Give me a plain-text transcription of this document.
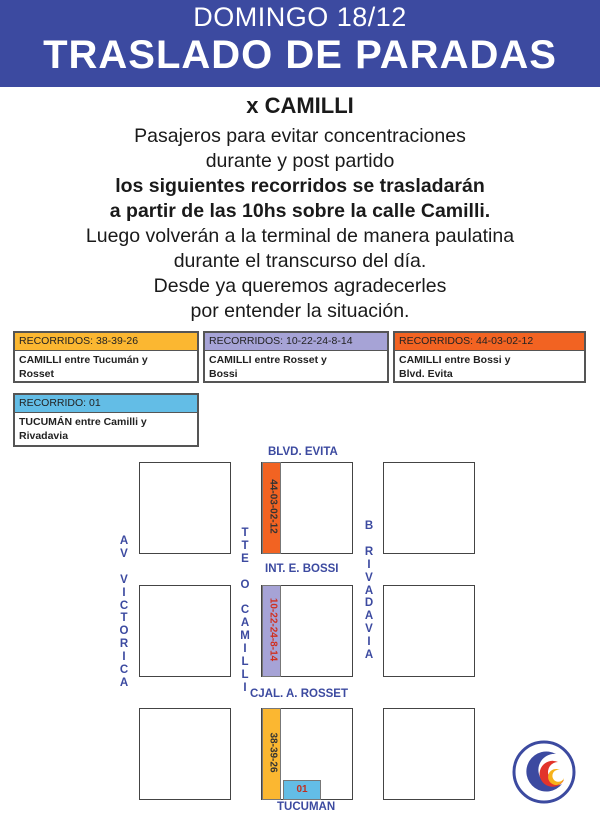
DOMINGO 18/12
TRASLADO DE PARADAS
x CAMILLI
Pasajeros para evitar concentraciones
durante y post partido
los siguientes recorridos se trasladarán
a partir de las 10hs sobre la calle Camilli.
Luego volverán a la terminal de manera paulatina
durante el transcurso del día.
Desde ya queremos agradecerles
por entender la situación.
RECORRIDOS: 38-39-26
CAMILLI entre Tucumán y
Rosset
RECORRIDOS: 10-22-24-8-14
CAMILLI entre Rosset y
Bossi
RECORRIDOS: 44-03-02-12
CAMILLI entre Bossi y
Blvd. Evita
RECORRIDO: 01
TUCUMÁN entre Camilli y
Rivadavia
BLVD. EVITA
INT. E. BOSSI
CJAL. A. ROSSET
TUCUMAN
A
V

V
I
C
T
O
R
I
C
A
T
T
E

O

C
A
M
I
L
L
I
B

R
I
V
A
D
A
V
I
A
44-03-02-12
10-22-24-8-14
38-39-26
01
